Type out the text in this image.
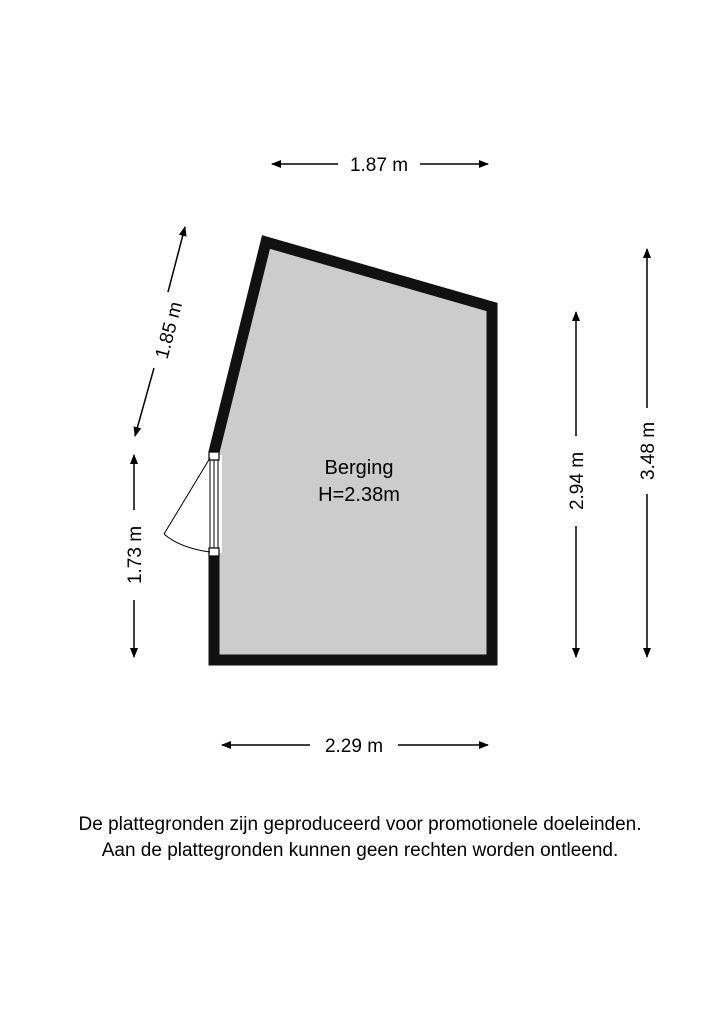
1.87 m
2.29 m
1.85 m
1.73 m
2.94 m
3.48 m
Berging
H=2.38m
De plattegronden zijn geproduceerd voor promotionele doeleinden.
Aan de plattegronden kunnen geen rechten worden ontleend.
